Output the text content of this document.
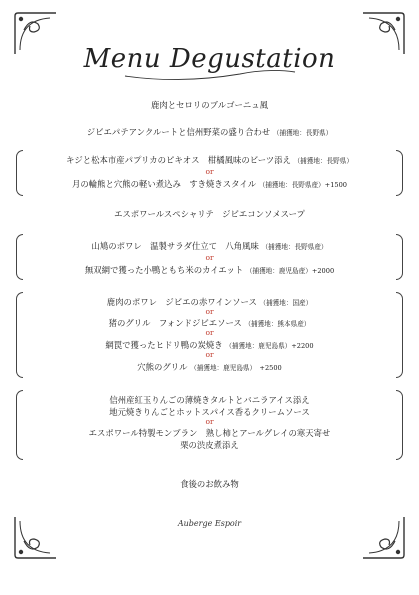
Menu Degustation
鹿肉とセロリのブルゴーニュ風
ジビエパテアンクルートと信州野菜の盛り合わせ （捕獲地：長野県）
キジと松本市産パプリカのピキオス　柑橘風味のビーツ添え （捕獲地：長野県）
or
月の輪熊と穴熊の軽い煮込み　すき焼きスタイル （捕獲地：長野県産）+1500
エスポワールスペシャリテ　ジビエコンソメスープ
山鳩のポワレ　温製サラダ仕立て　八角風味 （捕獲地：長野県産）
or
無双網で獲った小鴨ともち米のカイエット （捕獲地：鹿児島産）+2000
鹿肉のポワレ　ジビエの赤ワインソース （捕獲地：国産）
or
猪のグリル　フォンドジビエソース （捕獲地：熊本県産）
or
網罠で獲ったヒドリ鴨の炭焼き （捕獲地：鹿児島県）+2200
or
穴熊のグリル （捕獲地：鹿児島県）　+2500
信州産紅玉りんごの薄焼きタルトとバニラアイス添え
地元焼きりんごとホットスパイス香るクリームソース
or
エスポワール特製モンブラン　熟し柿とアールグレイの寒天寄せ
栗の渋皮煮添え
食後のお飲み物
Auberge Espoir
